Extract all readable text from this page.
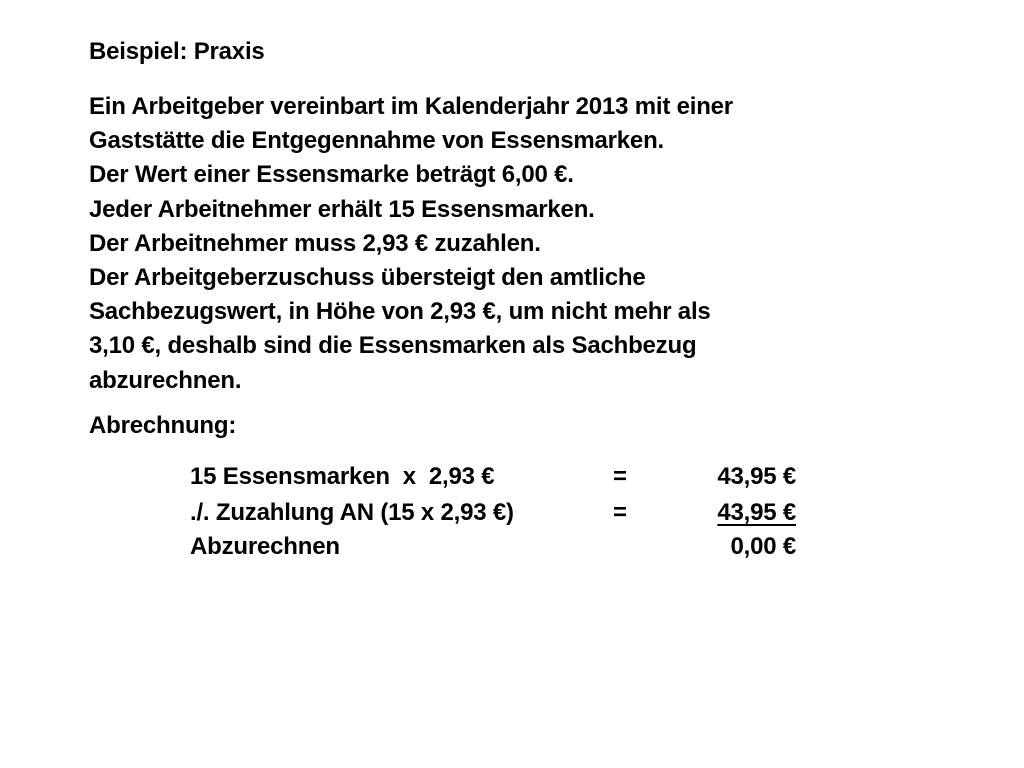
Beispiel: Praxis
Ein Arbeitgeber vereinbart im Kalenderjahr 2013 mit einer
Gaststätte die Entgegennahme von Essensmarken.
Der Wert einer Essensmarke beträgt 6,00 €.
Jeder Arbeitnehmer erhält 15 Essensmarken.
Der Arbeitnehmer muss 2,93 € zuzahlen.
Der Arbeitgeberzuschuss übersteigt den amtliche
Sachbezugswert, in Höhe von 2,93 €, um nicht mehr als
3,10 €, deshalb sind die Essensmarken als Sachbezug
abzurechnen.
Abrechnung:
15 Essensmarken  x  2,93 €	=	43,95 €
./. Zuzahlung AN (15 x 2,93 €)	=	43,95 €
Abzurechnen	0,00 €
